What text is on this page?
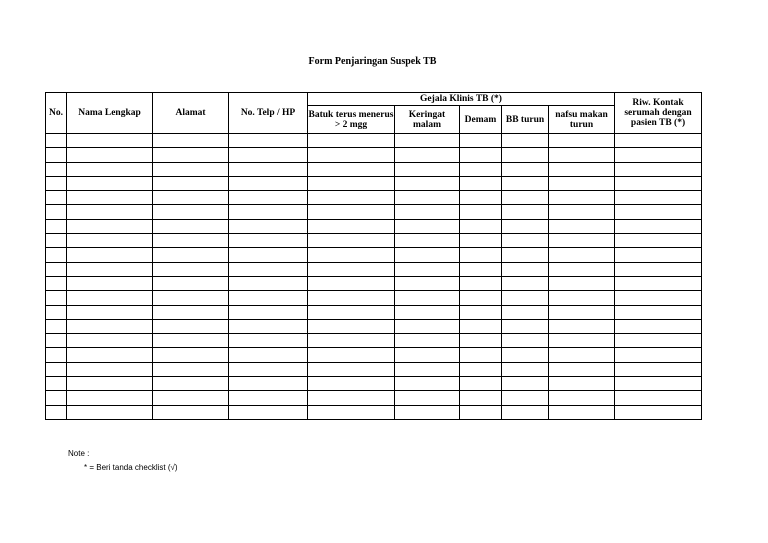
Form Penjaringan Suspek TB
No.	Nama Lengkap	Alamat	No. Telp / HP	Gejala Klinis TB (*)					Riw. Kontak serumah dengan pasien TB (*)
				Batuk terus menerus > 2 mgg	Keringat malam	Demam	BB turun	nafsu makan turun	

Note :
* = Beri tanda checklist (√)
